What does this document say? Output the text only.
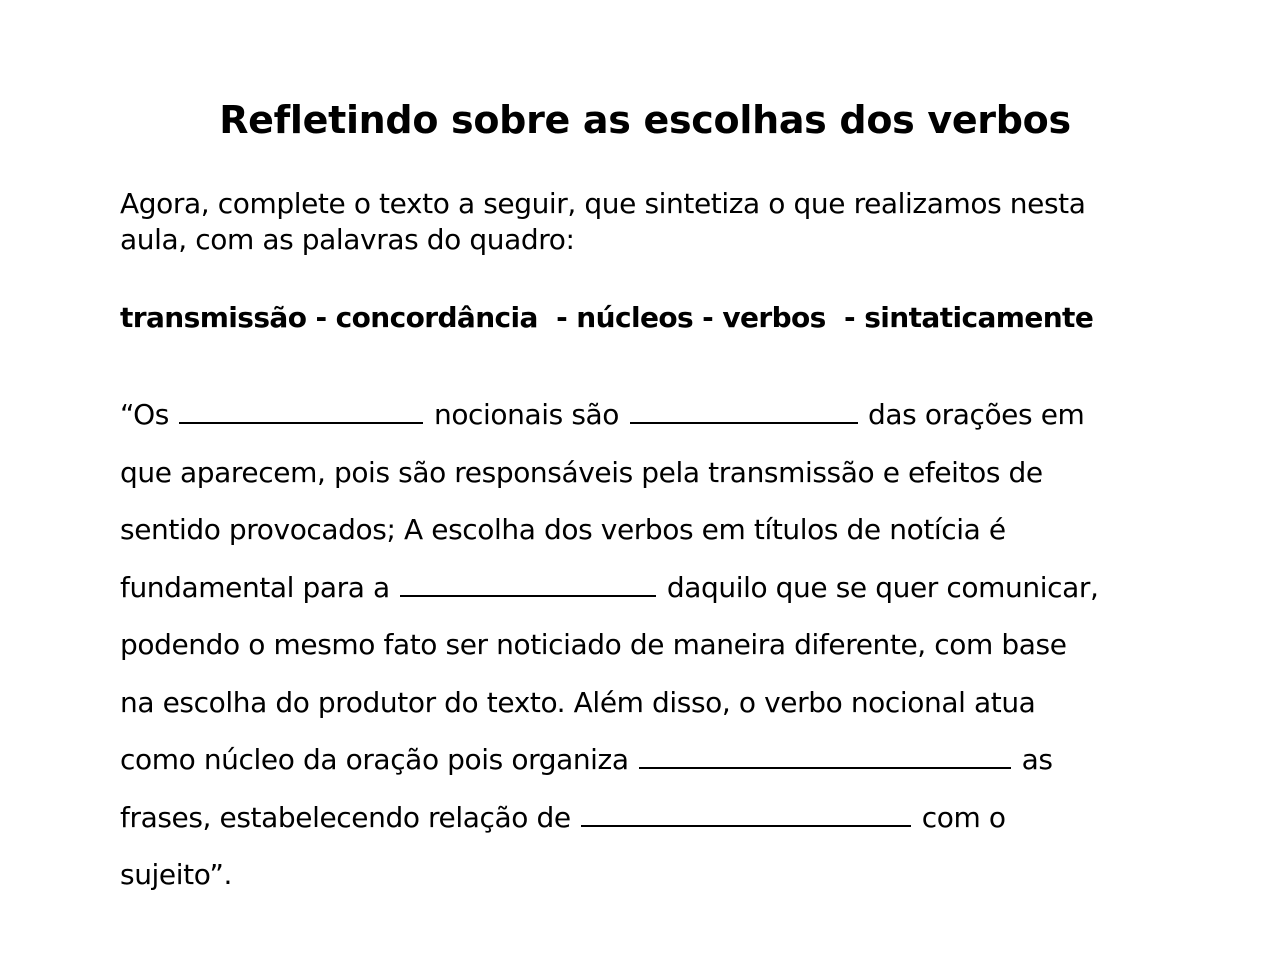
Refletindo sobre as escolhas dos verbos
Agora, complete o texto a seguir, que sintetiza o que realizamos nesta
aula, com as palavras do quadro:
transmissão - concordância  - núcleos - verbos  - sintaticamente
“Os	nocionais são	das orações em
que aparecem, pois são responsáveis pela transmissão e efeitos de
sentido provocados; A escolha dos verbos em títulos de notícia é
fundamental para a	daquilo que se quer comunicar,
podendo o mesmo fato ser noticiado de maneira diferente, com base
na escolha do produtor do texto. Além disso, o verbo nocional atua
como núcleo da oração pois organiza	as
frases, estabelecendo relação de	com o
sujeito”.
